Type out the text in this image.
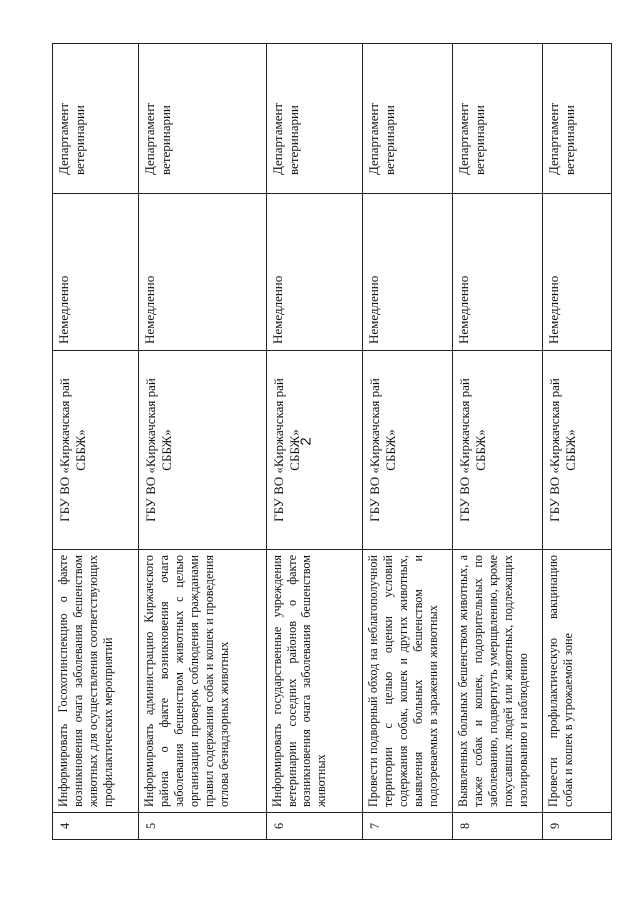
2
4	Информировать Госохотинспекцию о факте возникновения очага заболевания бешенством животных для осуществления соответствующих профилактических мероприятий	ГБУ ВО «Киржачская рай СББЖ»	Немедленно	Департамент ветеринарии
5	Информировать администрацию Киржачского района о факте возникновения очага заболевания бешенством животных с целью организации проверок соблюдения гражданами правил содержания собак и кошек и проведения отлова безнадзорных животных	ГБУ ВО «Киржачская рай СББЖ»	Немедленно	Департамент ветеринарии
6	Информировать государственные учреждения ветеринарии соседних районов о факте возникновения очага заболевания бешенством животных	ГБУ ВО «Киржачская рай СББЖ»	Немедленно	Департамент ветеринарии
7	Провести подворный обход на неблагополучной территории с целью оценки условий содержания собак, кошек и других животных, выявления больных бешенством и подозреваемых в заражении животных	ГБУ ВО «Киржачская рай СББЖ»	Немедленно	Департамент ветеринарии
8	Выявленных больных бешенством животных, а также собак и кошек, подозрительных по заболеванию, подвергнуть умерщвлению, кроме покусавших людей или животных, подлежащих изолированию и наблюдению	ГБУ ВО «Киржачская рай СББЖ»	Немедленно	Департамент ветеринарии
9	Провести профилактическую вакцинацию собак и кошек в угрожаемой зоне	ГБУ ВО «Киржачская рай СББЖ»	Немедленно	Департамент ветеринарии
